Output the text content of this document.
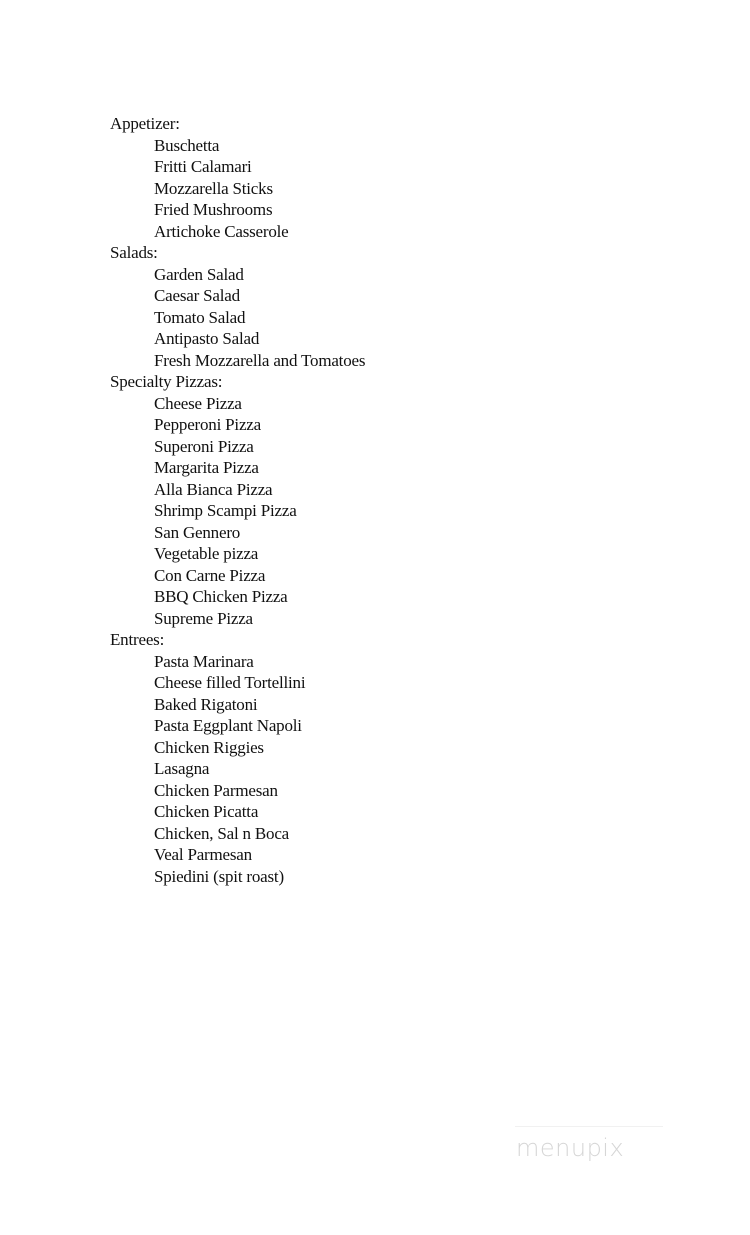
Appetizer:
Buschetta
Fritti Calamari
Mozzarella Sticks
Fried Mushrooms
Artichoke Casserole
Salads:
Garden Salad
Caesar Salad
Tomato Salad
Antipasto Salad
Fresh Mozzarella and Tomatoes
Specialty Pizzas:
Cheese Pizza
Pepperoni Pizza
Superoni Pizza
Margarita Pizza
Alla Bianca Pizza
Shrimp Scampi Pizza
San Gennero
Vegetable pizza
Con Carne Pizza
BBQ Chicken Pizza
Supreme Pizza
Entrees:
Pasta Marinara
Cheese filled Tortellini
Baked Rigatoni
Pasta Eggplant Napoli
Chicken Riggies
Lasagna
Chicken Parmesan
Chicken Picatta
Chicken, Sal n Boca
Veal Parmesan
Spiedini (spit roast)
menupix
